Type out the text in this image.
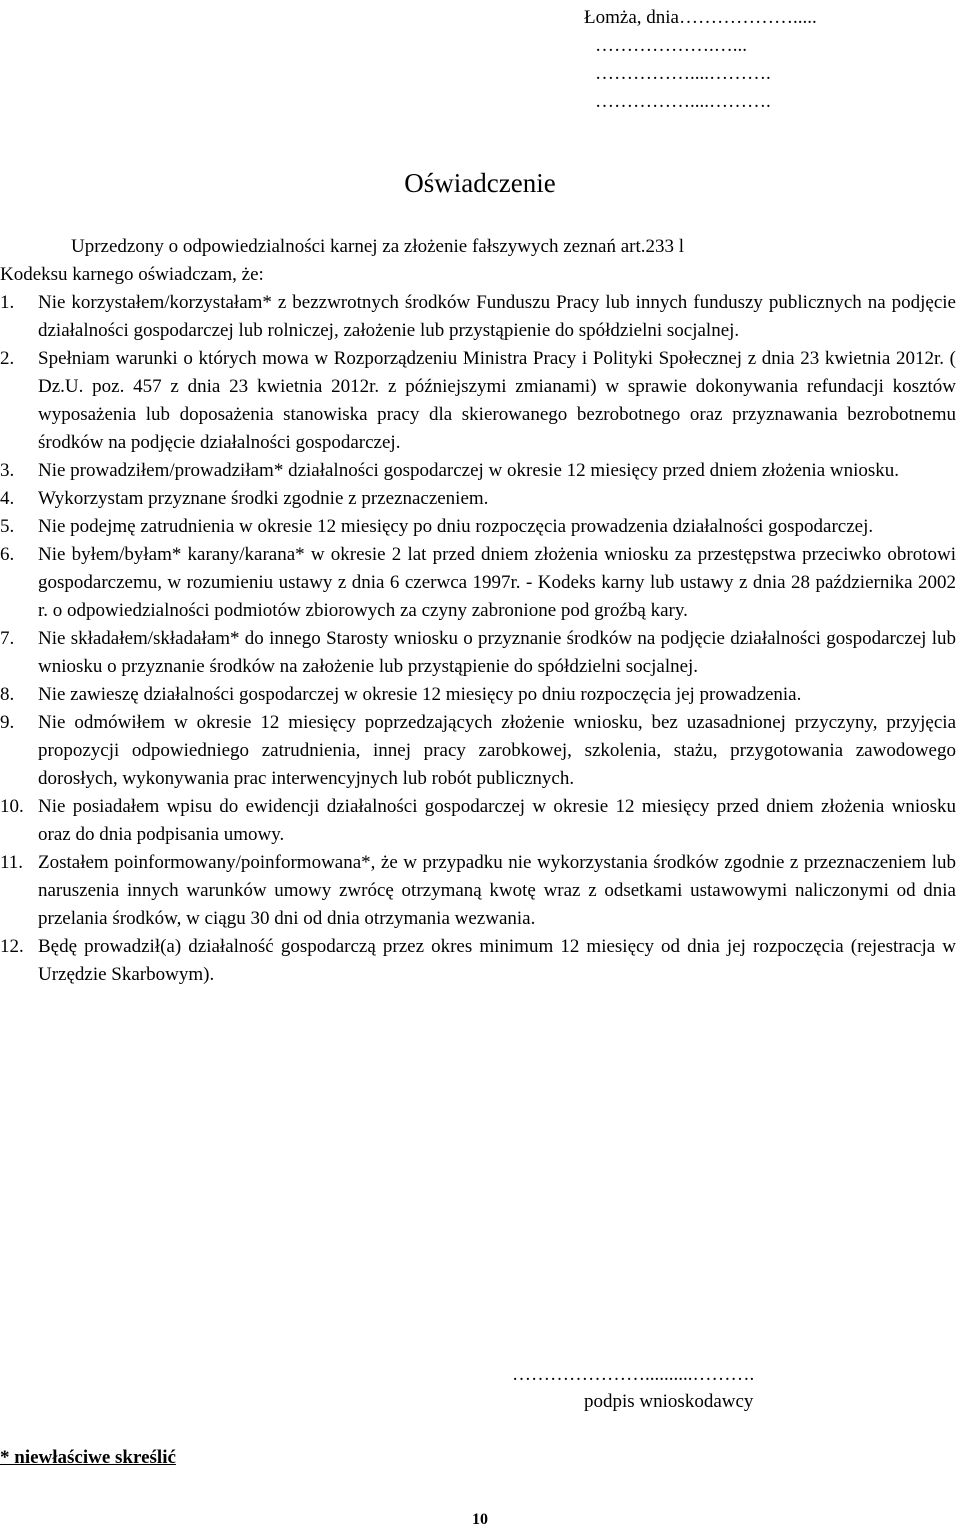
Łomża, dnia……………….....
……………….…...
……………....……….
……………....……….
Oświadczenie
Uprzedzony o odpowiedzialności karnej za złożenie fałszywych zeznań art.233 l
Kodeksu karnego oświadczam, że:
1. Nie korzystałem/korzystałam* z bezzwrotnych środków Funduszu Pracy lub innych funduszy publicznych na podjęcie działalności gospodarczej lub rolniczej, założenie lub przystąpienie do spółdzielni socjalnej.
2. Spełniam warunki o których mowa w Rozporządzeniu Ministra Pracy i Polityki Społecznej z dnia 23 kwietnia 2012r. ( Dz.U. poz. 457 z dnia 23 kwietnia 2012r. z późniejszymi zmianami) w sprawie dokonywania refundacji kosztów wyposażenia lub doposażenia stanowiska pracy dla skierowanego bezrobotnego oraz przyznawania bezrobotnemu środków na podjęcie działalności gospodarczej.
3. Nie prowadziłem/prowadziłam* działalności gospodarczej w okresie 12 miesięcy przed dniem złożenia wniosku.
4. Wykorzystam przyznane środki zgodnie z przeznaczeniem.
5. Nie podejmę zatrudnienia w okresie 12 miesięcy po dniu rozpoczęcia prowadzenia działalności gospodarczej.
6. Nie byłem/byłam* karany/karana* w okresie 2 lat przed dniem złożenia wniosku za przestępstwa przeciwko obrotowi gospodarczemu, w rozumieniu ustawy z dnia 6 czerwca 1997r. - Kodeks karny lub ustawy z dnia 28 października 2002 r. o odpowiedzialności podmiotów zbiorowych za czyny zabronione pod groźbą kary.
7. Nie składałem/składałam* do innego Starosty wniosku o przyznanie środków na podjęcie działalności gospodarczej lub wniosku o przyznanie środków na założenie lub przystąpienie do spółdzielni socjalnej.
8. Nie zawieszę działalności gospodarczej w okresie 12 miesięcy po dniu rozpoczęcia jej prowadzenia.
9. Nie odmówiłem w okresie 12 miesięcy poprzedzających złożenie wniosku, bez uzasadnionej przyczyny, przyjęcia propozycji odpowiedniego zatrudnienia, innej pracy zarobkowej, szkolenia, stażu, przygotowania zawodowego dorosłych, wykonywania prac interwencyjnych lub robót publicznych.
10. Nie posiadałem wpisu do ewidencji działalności gospodarczej w okresie 12 miesięcy przed dniem złożenia wniosku oraz do dnia podpisania umowy.
11. Zostałem poinformowany/poinformowana*, że w przypadku nie wykorzystania środków zgodnie z przeznaczeniem lub naruszenia innych warunków umowy zwrócę otrzymaną kwotę wraz z odsetkami ustawowymi naliczonymi od dnia przelania środków, w ciągu 30 dni od dnia otrzymania wezwania.
12. Będę prowadził(a) działalność gospodarczą przez okres minimum 12 miesięcy od dnia jej rozpoczęcia (rejestracja w Urzędzie Skarbowym).
…………………..........……….
podpis wnioskodawcy
* niewłaściwe skreślić
10
